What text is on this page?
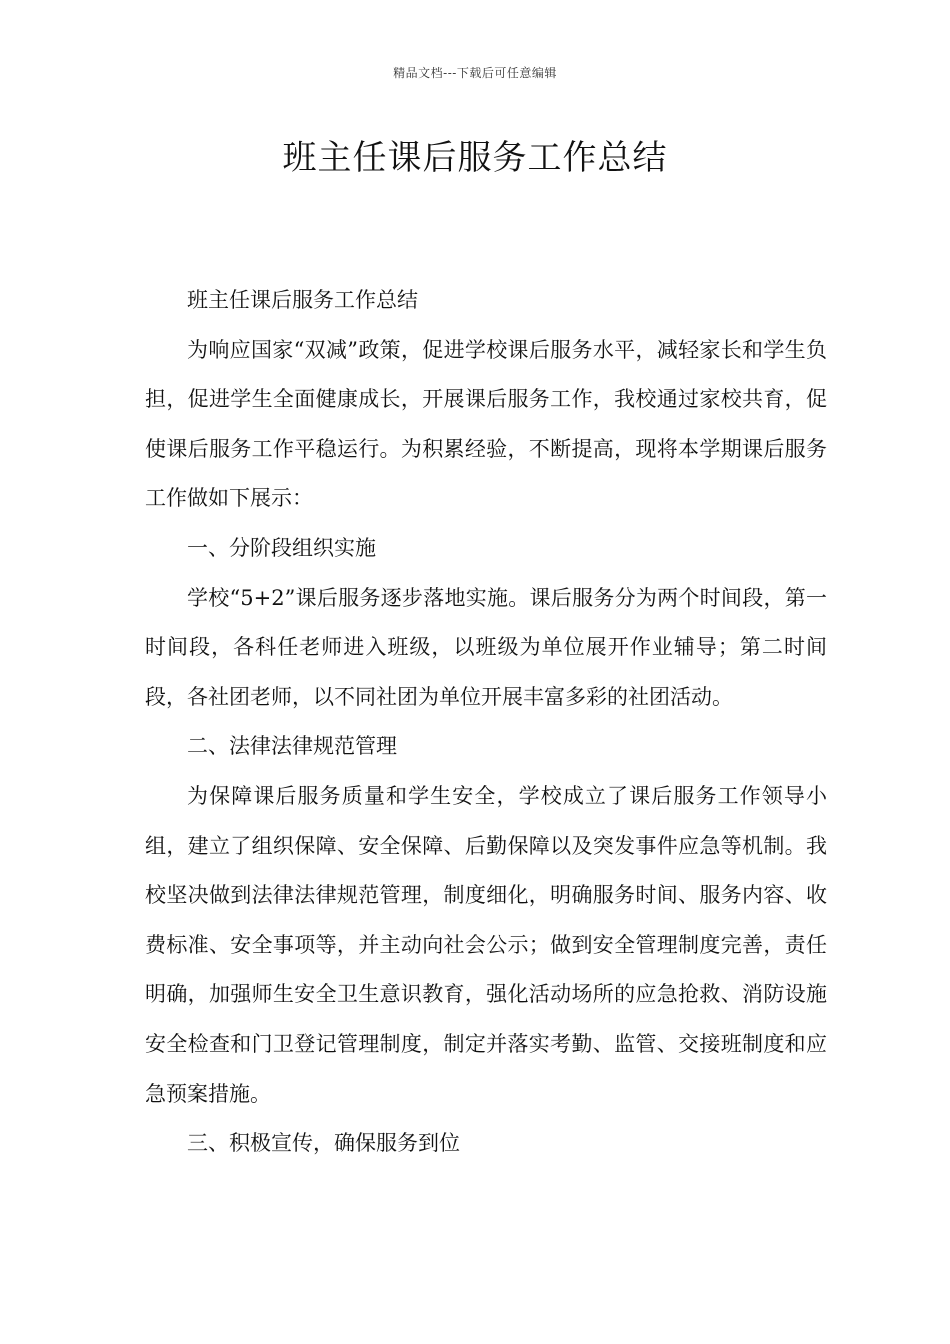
精品文档---下载后可任意编辑
班主任课后服务工作总结

班主任课后服务工作总结

为响应国家“双减”政策，促进学校课后服务水平，减轻家长和学生负担，促进学生全面健康成长，开展课后服务工作，我校通过家校共育，促使课后服务工作平稳运行。为积累经验，不断提高，现将本学期课后服务工作做如下展示：

一、分阶段组织实施

学校“5+2”课后服务逐步落地实施。课后服务分为两个时间段，第一时间段，各科任老师进入班级，以班级为单位展开作业辅导；第二时间段，各社团老师，以不同社团为单位开展丰富多彩的社团活动。

二、法律法律规范管理

为保障课后服务质量和学生安全，学校成立了课后服务工作领导小组，建立了组织保障、安全保障、后勤保障以及突发事件应急等机制。我校坚决做到法律法律规范管理，制度细化，明确服务时间、服务内容、收费标准、安全事项等，并主动向社会公示；做到安全管理制度完善，责任明确，加强师生安全卫生意识教育，强化活动场所的应急抢救、消防设施安全检查和门卫登记管理制度，制定并落实考勤、监管、交接班制度和应急预案措施。

三、积极宣传，确保服务到位
